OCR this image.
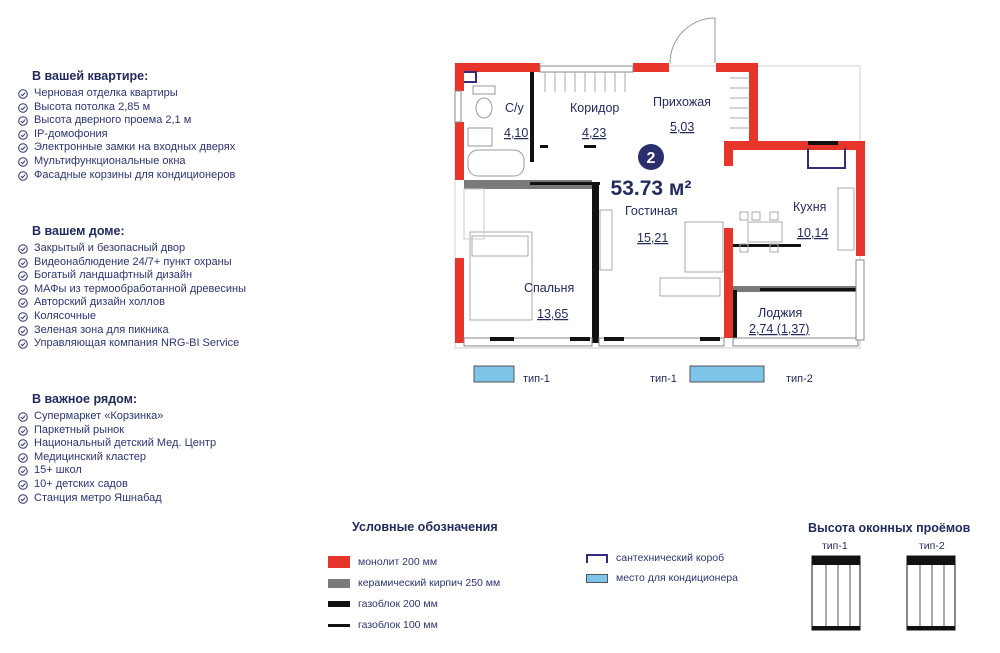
В вашей квартире:
Черновая отделка квартиры
Высота потолка 2,85 м
Высота дверного проема 2,1 м
IP-домофония
Электронные замки на входных дверях
Мультифункциональные окна
Фасадные корзины для кондиционеров
В вашем доме:
Закрытый и безопасный двор
Видеонаблюдение 24/7+ пункт охраны
Богатый ландшафтный дизайн
МАФы из термообработанной древесины
Авторский дизайн холлов
Колясочные
Зеленая зона для пикника
Управляющая компания NRG-BI Service
В важное рядом:
Супермаркет «Корзинка»
Паркетный рынок
Национальный детский Мед. Центр
Медицинский кластер
15+ школ
10+ детских садов
Станция метро Яшнабад
2
53.73 м²
С/у
4,10
Коридор
4,23
Прихожая
5,03
Гостиная
15,21
Кухня
10,14
Спальня
13,65	Лоджия
2,74 (1,37)
тип-1	тип-1	тип-2
тип-1	тип-2
Условные обозначения
монолит 200 мм
керамический кирпич 250 мм
газоблок 200 мм
газоблок 100 мм
сантехнический короб
место для кондиционера
Высота оконных проёмов
